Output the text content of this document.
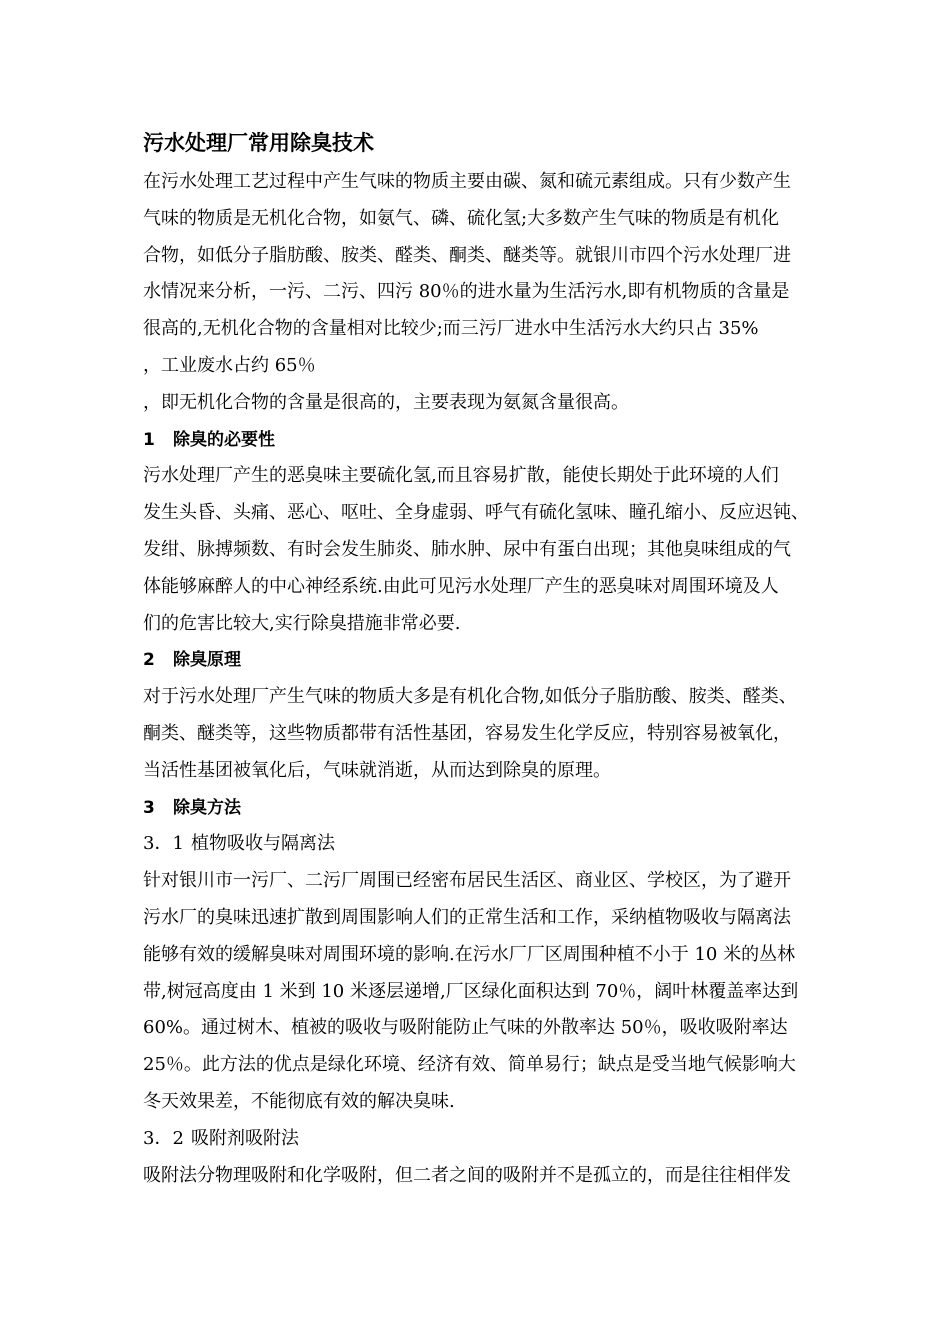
污水处理厂常用除臭技术
在污水处理工艺过程中产生气味的物质主要由碳、氮和硫元素组成。只有少数产生
气味的物质是无机化合物，如氨气、磷、硫化氢;大多数产生气味的物质是有机化
合物，如低分子脂肪酸、胺类、醛类、酮类、醚类等。就银川市四个污水处理厂进
水情况来分析，一污、二污、四污 80％的进水量为生活污水,即有机物质的含量是
很高的,无机化合物的含量相对比较少;而三污厂进水中生活污水大约只占 35%
，工业废水占约 65％
，即无机化合物的含量是很高的，主要表现为氨氮含量很高。
1 除臭的必要性
污水处理厂产生的恶臭味主要硫化氢,而且容易扩散，能使长期处于此环境的人们
发生头昏、头痛、恶心、呕吐、全身虚弱、呼气有硫化氢味、瞳孔缩小、反应迟钝、
发绀、脉搏频数、有时会发生肺炎、肺水肿、尿中有蛋白出现；其他臭味组成的气
体能够麻醉人的中心神经系统.由此可见污水处理厂产生的恶臭味对周围环境及人
们的危害比较大,实行除臭措施非常必要.
2 除臭原理
对于污水处理厂产生气味的物质大多是有机化合物,如低分子脂肪酸、胺类、醛类、
酮类、醚类等，这些物质都带有活性基团，容易发生化学反应，特别容易被氧化，
当活性基团被氧化后，气味就消逝，从而达到除臭的原理。
3 除臭方法
3．1 植物吸收与隔离法
针对银川市一污厂、二污厂周围已经密布居民生活区、商业区、学校区，为了避开
污水厂的臭味迅速扩散到周围影响人们的正常生活和工作，采纳植物吸收与隔离法
能够有效的缓解臭味对周围环境的影响.在污水厂厂区周围种植不小于 10 米的丛林
带,树冠高度由 1 米到 10 米逐层递增,厂区绿化面积达到 70％，阔叶林覆盖率达到
60%。通过树木、植被的吸收与吸附能防止气味的外散率达 50％，吸收吸附率达
25％。此方法的优点是绿化环境、经济有效、简单易行；缺点是受当地气候影响大
冬天效果差，不能彻底有效的解决臭味.
3．2 吸附剂吸附法
吸附法分物理吸附和化学吸附，但二者之间的吸附并不是孤立的，而是往往相伴发
